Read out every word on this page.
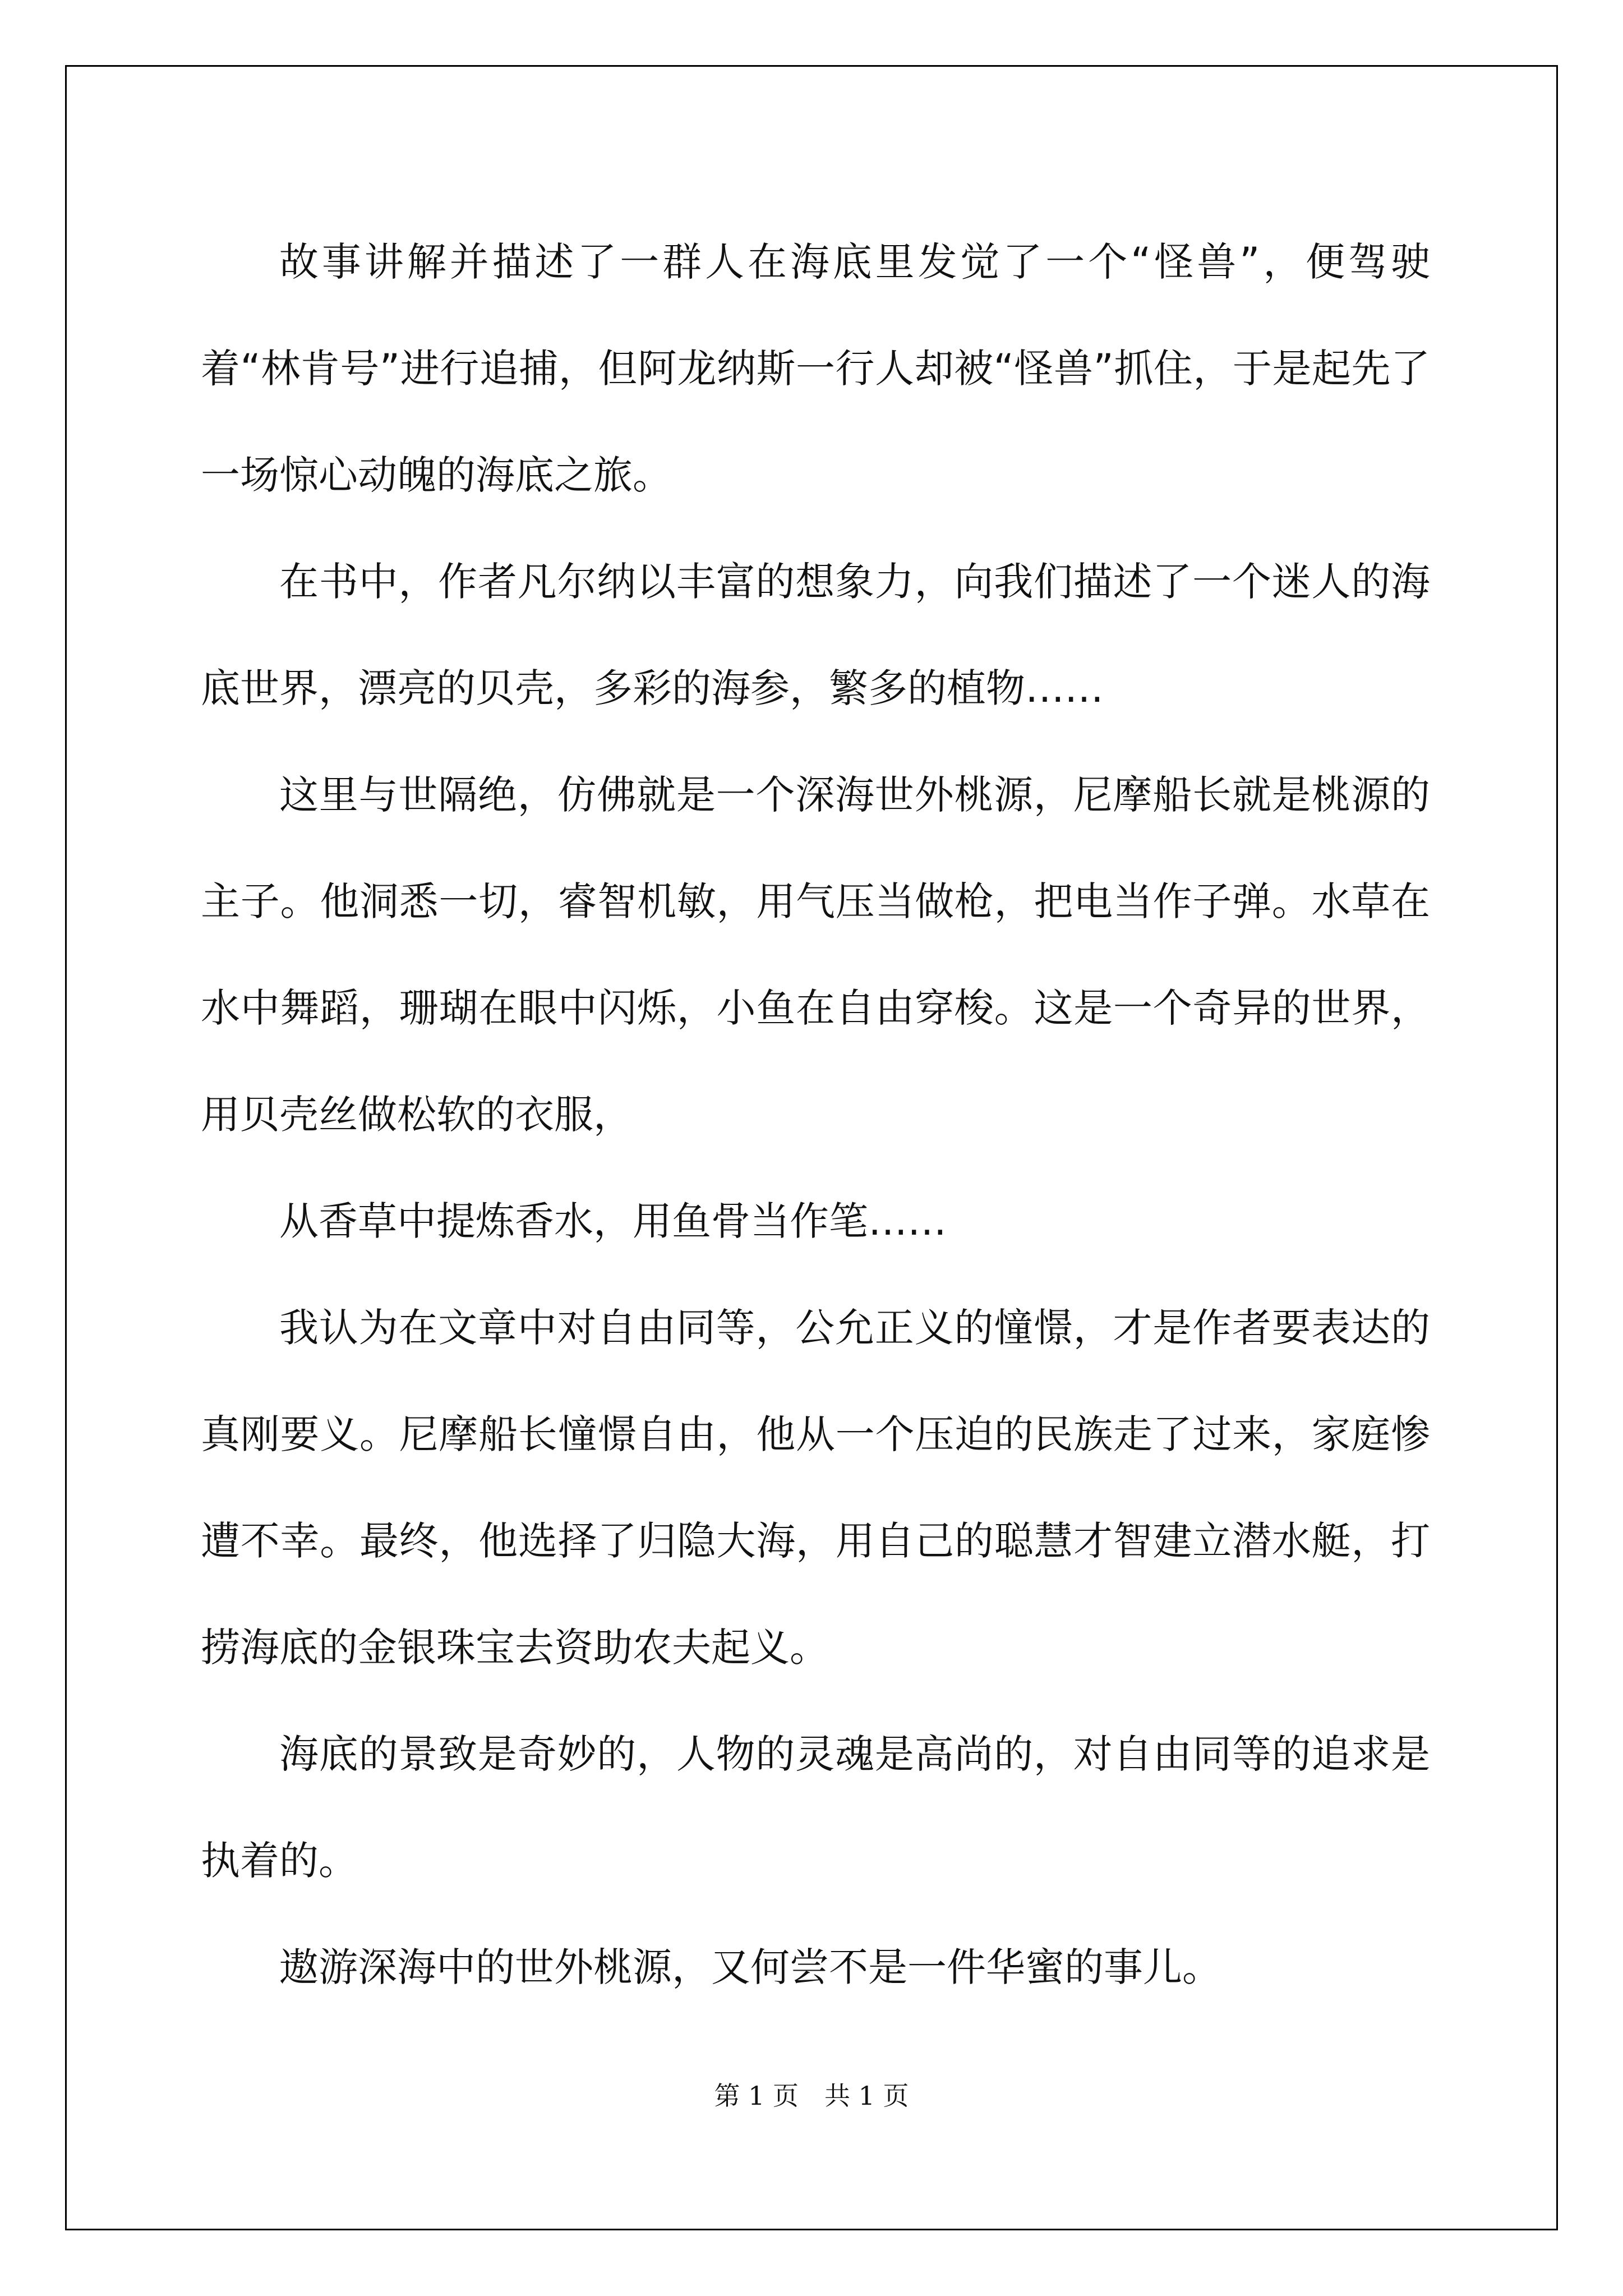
故事讲解并描述了一群人在海底里发觉了一个“怪兽”，便驾驶着“林肯号”进行追捕，但阿龙纳斯一行人却被“怪兽”抓住，于是起先了一场惊心动魄的海底之旅。

在书中，作者凡尔纳以丰富的想象力，向我们描述了一个迷人的海底世界，漂亮的贝壳，多彩的海参，繁多的植物……

这里与世隔绝，仿佛就是一个深海世外桃源，尼摩船长就是桃源的主子。他洞悉一切，睿智机敏，用气压当做枪，把电当作子弹。水草在水中舞蹈，珊瑚在眼中闪烁，小鱼在自由穿梭。这是一个奇异的世界，用贝壳丝做松软的衣服，

从香草中提炼香水，用鱼骨当作笔……

我认为在文章中对自由同等，公允正义的憧憬，才是作者要表达的真刚要义。尼摩船长憧憬自由，他从一个压迫的民族走了过来，家庭惨遭不幸。最终，他选择了归隐大海，用自己的聪慧才智建立潜水艇，打捞海底的金银珠宝去资助农夫起义。

海底的景致是奇妙的，人物的灵魂是高尚的，对自由同等的追求是执着的。

遨游深海中的世外桃源，又何尝不是一件华蜜的事儿。

第 1 页　共 1 页
